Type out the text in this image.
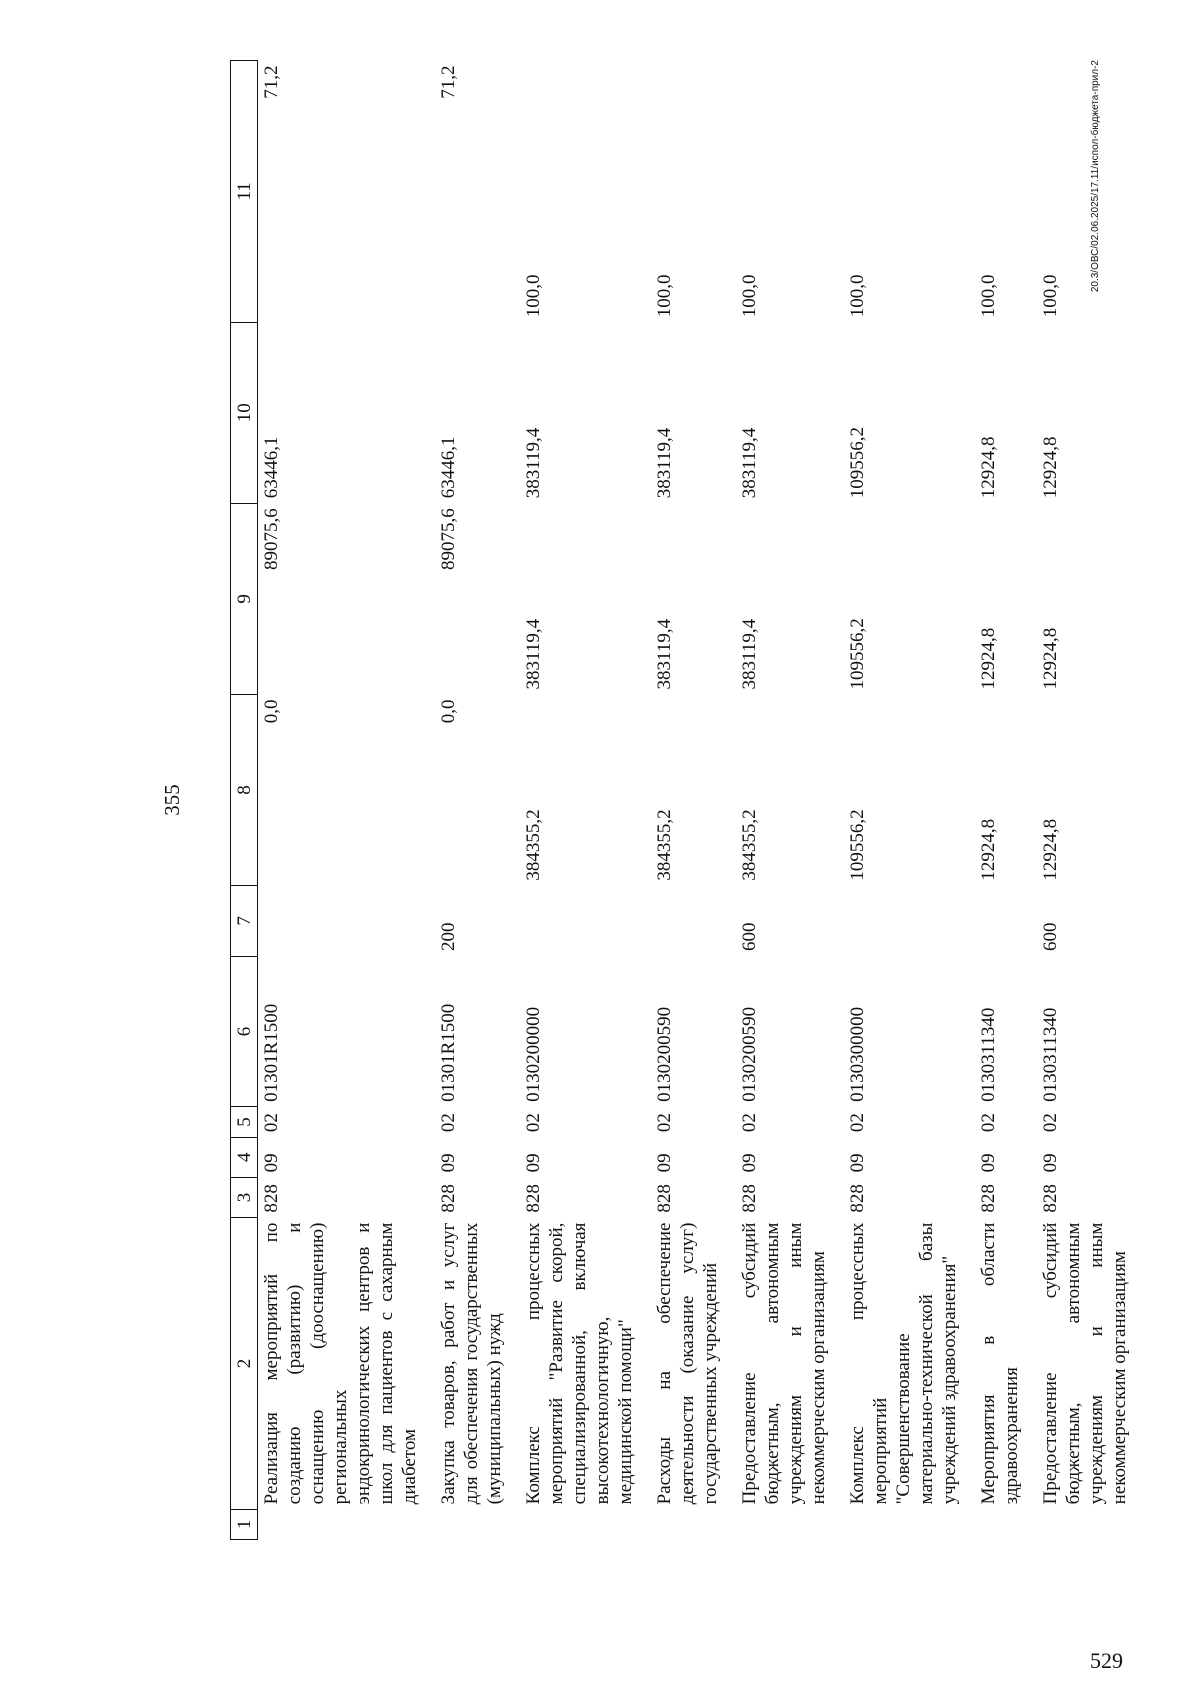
355
1	2	3	4	5	6	7	8	9	10	11
	Реализация мероприятий по созданию (развитию) и оснащению (дооснащению) региональных эндокринологических центров и школ для пациентов с сахарным диабетом	828	09	02	01301R1500		0,0	89075,6	63446,1	71,2
	Закупка товаров, работ и услуг для обеспечения государственных (муниципальных) нужд	828	09	02	01301R1500	200	0,0	89075,6	63446,1	71,2
	Комплекс процессных мероприятий "Развитие скорой, специализированной, включая высокотехнологичную, медицинской помощи"	828	09	02	0130200000		384355,2	383119,4	383119,4	100,0
	Расходы на обеспечение деятельности (оказание услуг) государственных учреждений	828	09	02	0130200590		384355,2	383119,4	383119,4	100,0
	Предоставление субсидий бюджетным, автономным учреждениям и иным некоммерческим организациям	828	09	02	0130200590	600	384355,2	383119,4	383119,4	100,0
	Комплекс процессных мероприятий "Совершенствование материально-технической базы учреждений здравоохранения"	828	09	02	0130300000		109556,2	109556,2	109556,2	100,0
	Мероприятия в области здравоохранения	828	09	02	0130311340		12924,8	12924,8	12924,8	100,0
	Предоставление субсидий бюджетным, автономным учреждениям и иным некоммерческим организациям	828	09	02	0130311340	600	12924,8	12924,8	12924,8	100,0
20.3/ОВС/02.06.2025/17.11/испол-бюджета-прил-2
529
